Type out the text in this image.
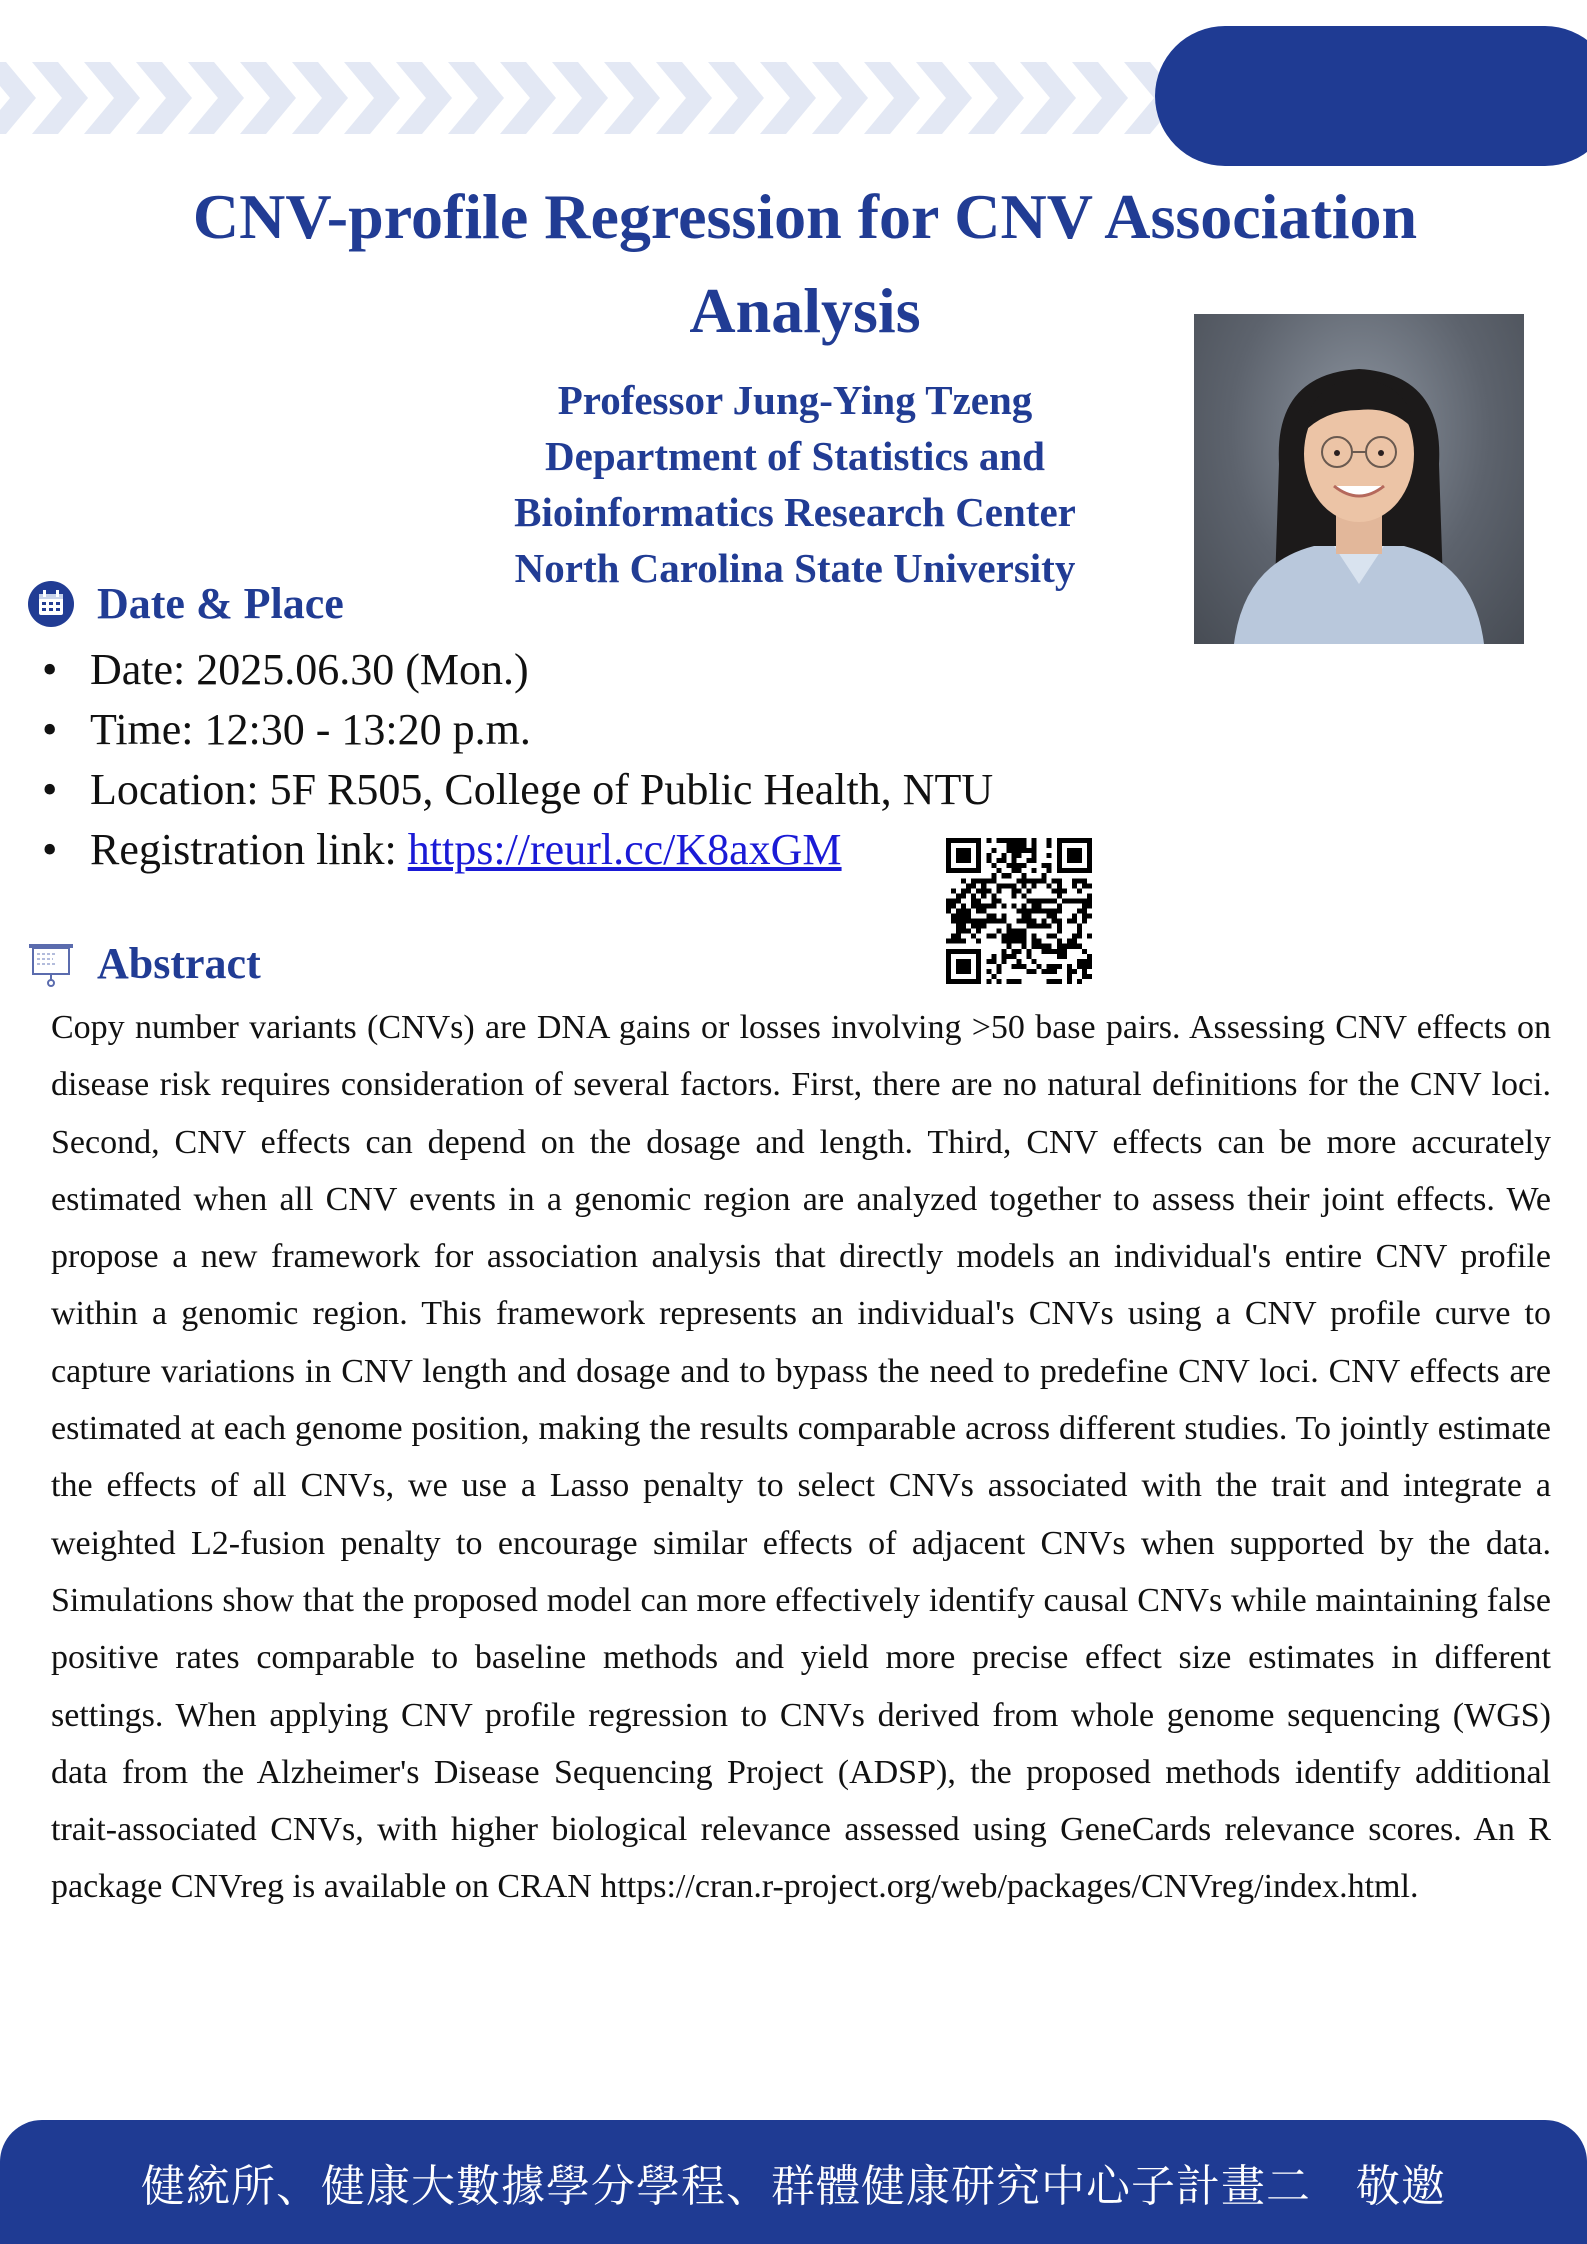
CNV-profile Regression for CNV Association
Analysis
Professor Jung-Ying Tzeng
Department of Statistics and
Bioinformatics Research Center
North Carolina State University
Date & Place
• Date: 2025.06.30 (Mon.)
• Time: 12:30 - 13:20 p.m.
• Location: 5F R505, College of Public Health, NTU
• Registration link: https://reurl.cc/K8axGM
Abstract

Copy number variants (CNVs) are DNA gains or losses involving >50 base pairs. Assessing CNV effects on disease risk requires consideration of several factors. First, there are no natural definitions for the CNV loci. Second, CNV effects can depend on the dosage and length. Third, CNV effects can be more accurately estimated when all CNV events in a genomic region are analyzed together to assess their joint effects. We propose a new framework for association analysis that directly models an individual's entire CNV profile within a genomic region. This framework represents an individual's CNVs using a CNV profile curve to capture variations in CNV length and dosage and to bypass the need to predefine CNV loci. CNV effects are estimated at each genome position, making the results comparable across different studies. To jointly estimate the effects of all CNVs, we use a Lasso penalty to select CNVs associated with the trait and integrate a weighted L2-fusion penalty to encourage similar effects of adjacent CNVs when supported by the data. Simulations show that the proposed model can more effectively identify causal CNVs while maintaining false positive rates comparable to baseline methods and yield more precise effect size estimates in different settings. When applying CNV profile regression to CNVs derived from whole genome sequencing (WGS) data from the Alzheimer's Disease Sequencing Project (ADSP), the proposed methods identify additional trait-associated CNVs, with higher biological relevance assessed using GeneCards relevance scores. An R package CNVreg is available on CRAN https://cran.r-project.org/web/packages/CNVreg/index.html.

健統所、健康大數據學分學程、群體健康研究中心子計畫二　敬邀
